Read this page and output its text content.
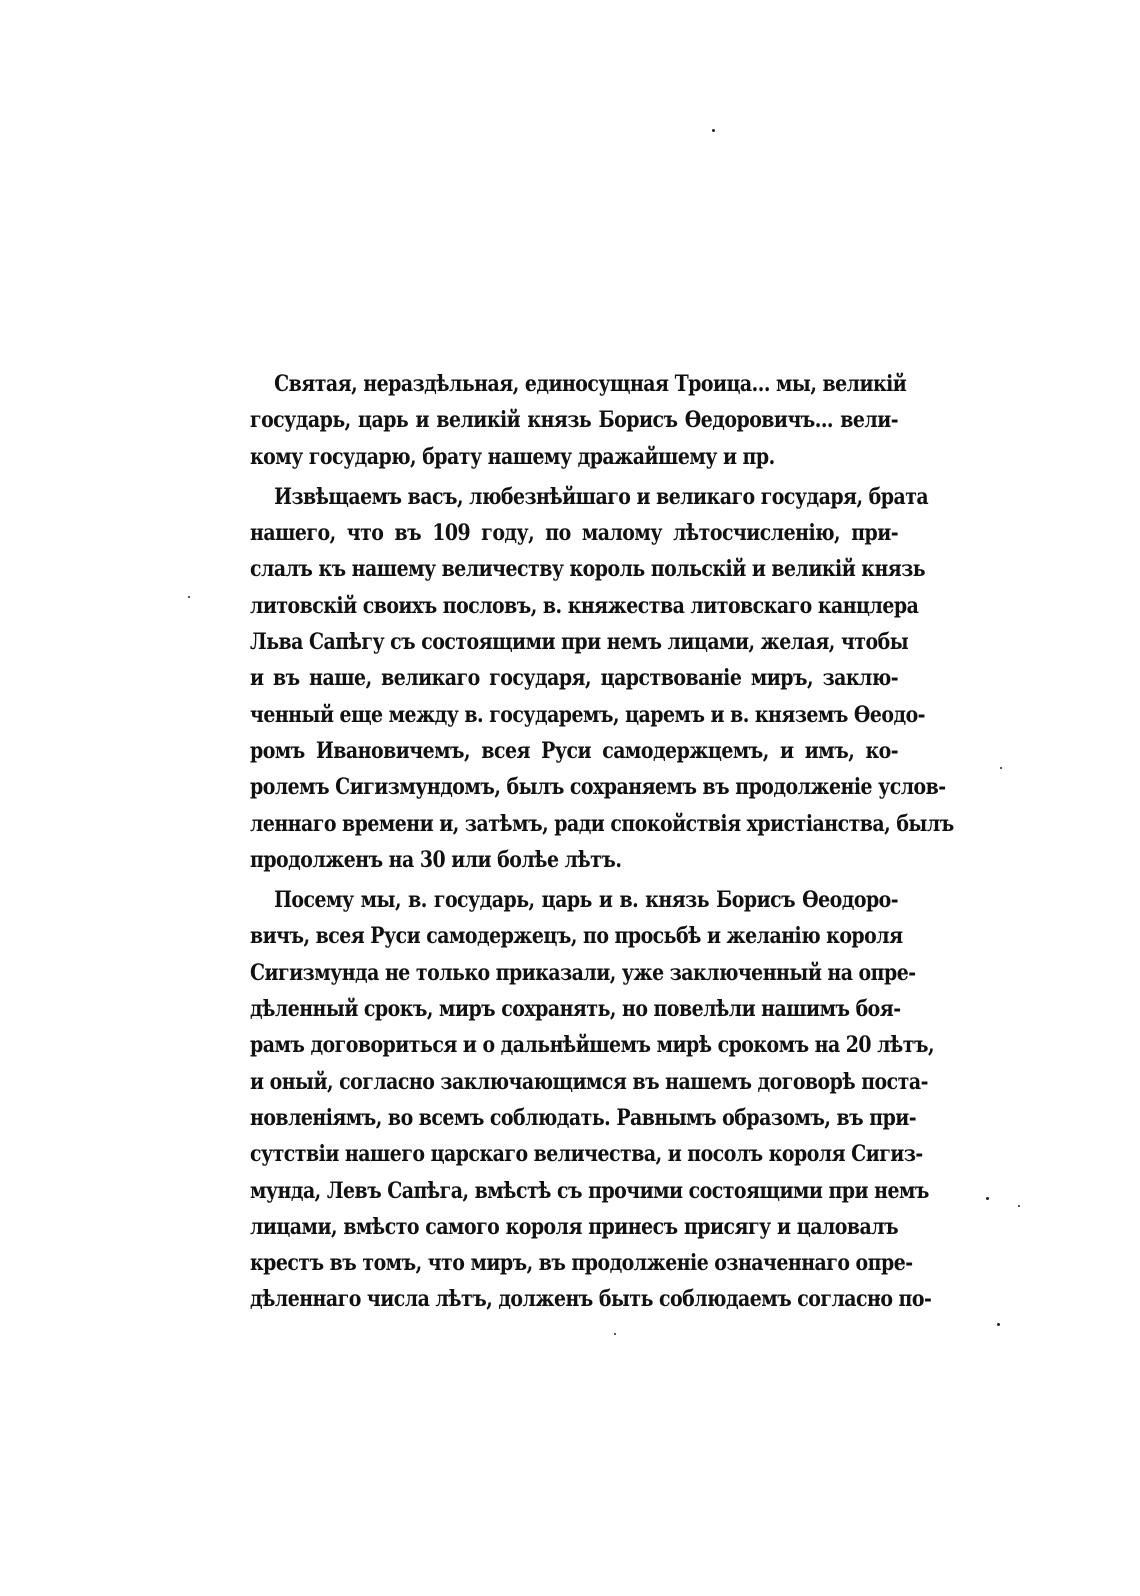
Святая, нераздѣльная, единосущная Троица... мы, великій
государь, царь и великій князь Борисъ Ѳедоровичъ... вели-
кому государю, брату нашему дражайшему и пр.
Извѣщаемъ васъ, любезнѣйшаго и великаго государя, брата
нашего, что въ 109 году, по малому лѣтосчисленію, при-
слалъ къ нашему величеству король польскій и великій князь
литовскій своихъ пословъ, в. княжества литовскаго канцлера
Льва Сапѣгу съ состоящими при немъ лицами, желая, чтобы
и въ наше, великаго государя, царствованіе миръ, заклю-
ченный еще между в. государемъ, царемъ и в. княземъ Ѳеодо-
ромъ Ивановичемъ, всея Руси самодержцемъ, и имъ, ко-
ролемъ Сигизмундомъ, былъ сохраняемъ въ продолженіе услов-
леннаго времени и, затѣмъ, ради спокойствія христіанства, былъ
продолженъ на 30 или болѣе лѣтъ.
Посему мы, в. государь, царь и в. князь Борисъ Ѳеодоро-
вичъ, всея Руси самодержецъ, по просьбѣ и желанію короля
Сигизмунда не только приказали, уже заключенный на опре-
дѣленный срокъ, миръ сохранять, но повелѣли нашимъ боя-
рамъ договориться и о дальнѣйшемъ мирѣ срокомъ на 20 лѣтъ,
и оный, согласно заключающимся въ нашемъ договорѣ поста-
новленіямъ, во всемъ соблюдать. Равнымъ образомъ, въ при-
сутствіи нашего царскаго величества, и посолъ короля Сигиз-
мунда, Левъ Сапѣга, вмѣстѣ съ прочими состоящими при немъ
лицами, вмѣсто самого короля принесъ присягу и цаловалъ
крестъ въ томъ, что миръ, въ продолженіе означеннаго опре-
дѣленнаго числа лѣтъ, долженъ быть соблюдаемъ согласно по-
